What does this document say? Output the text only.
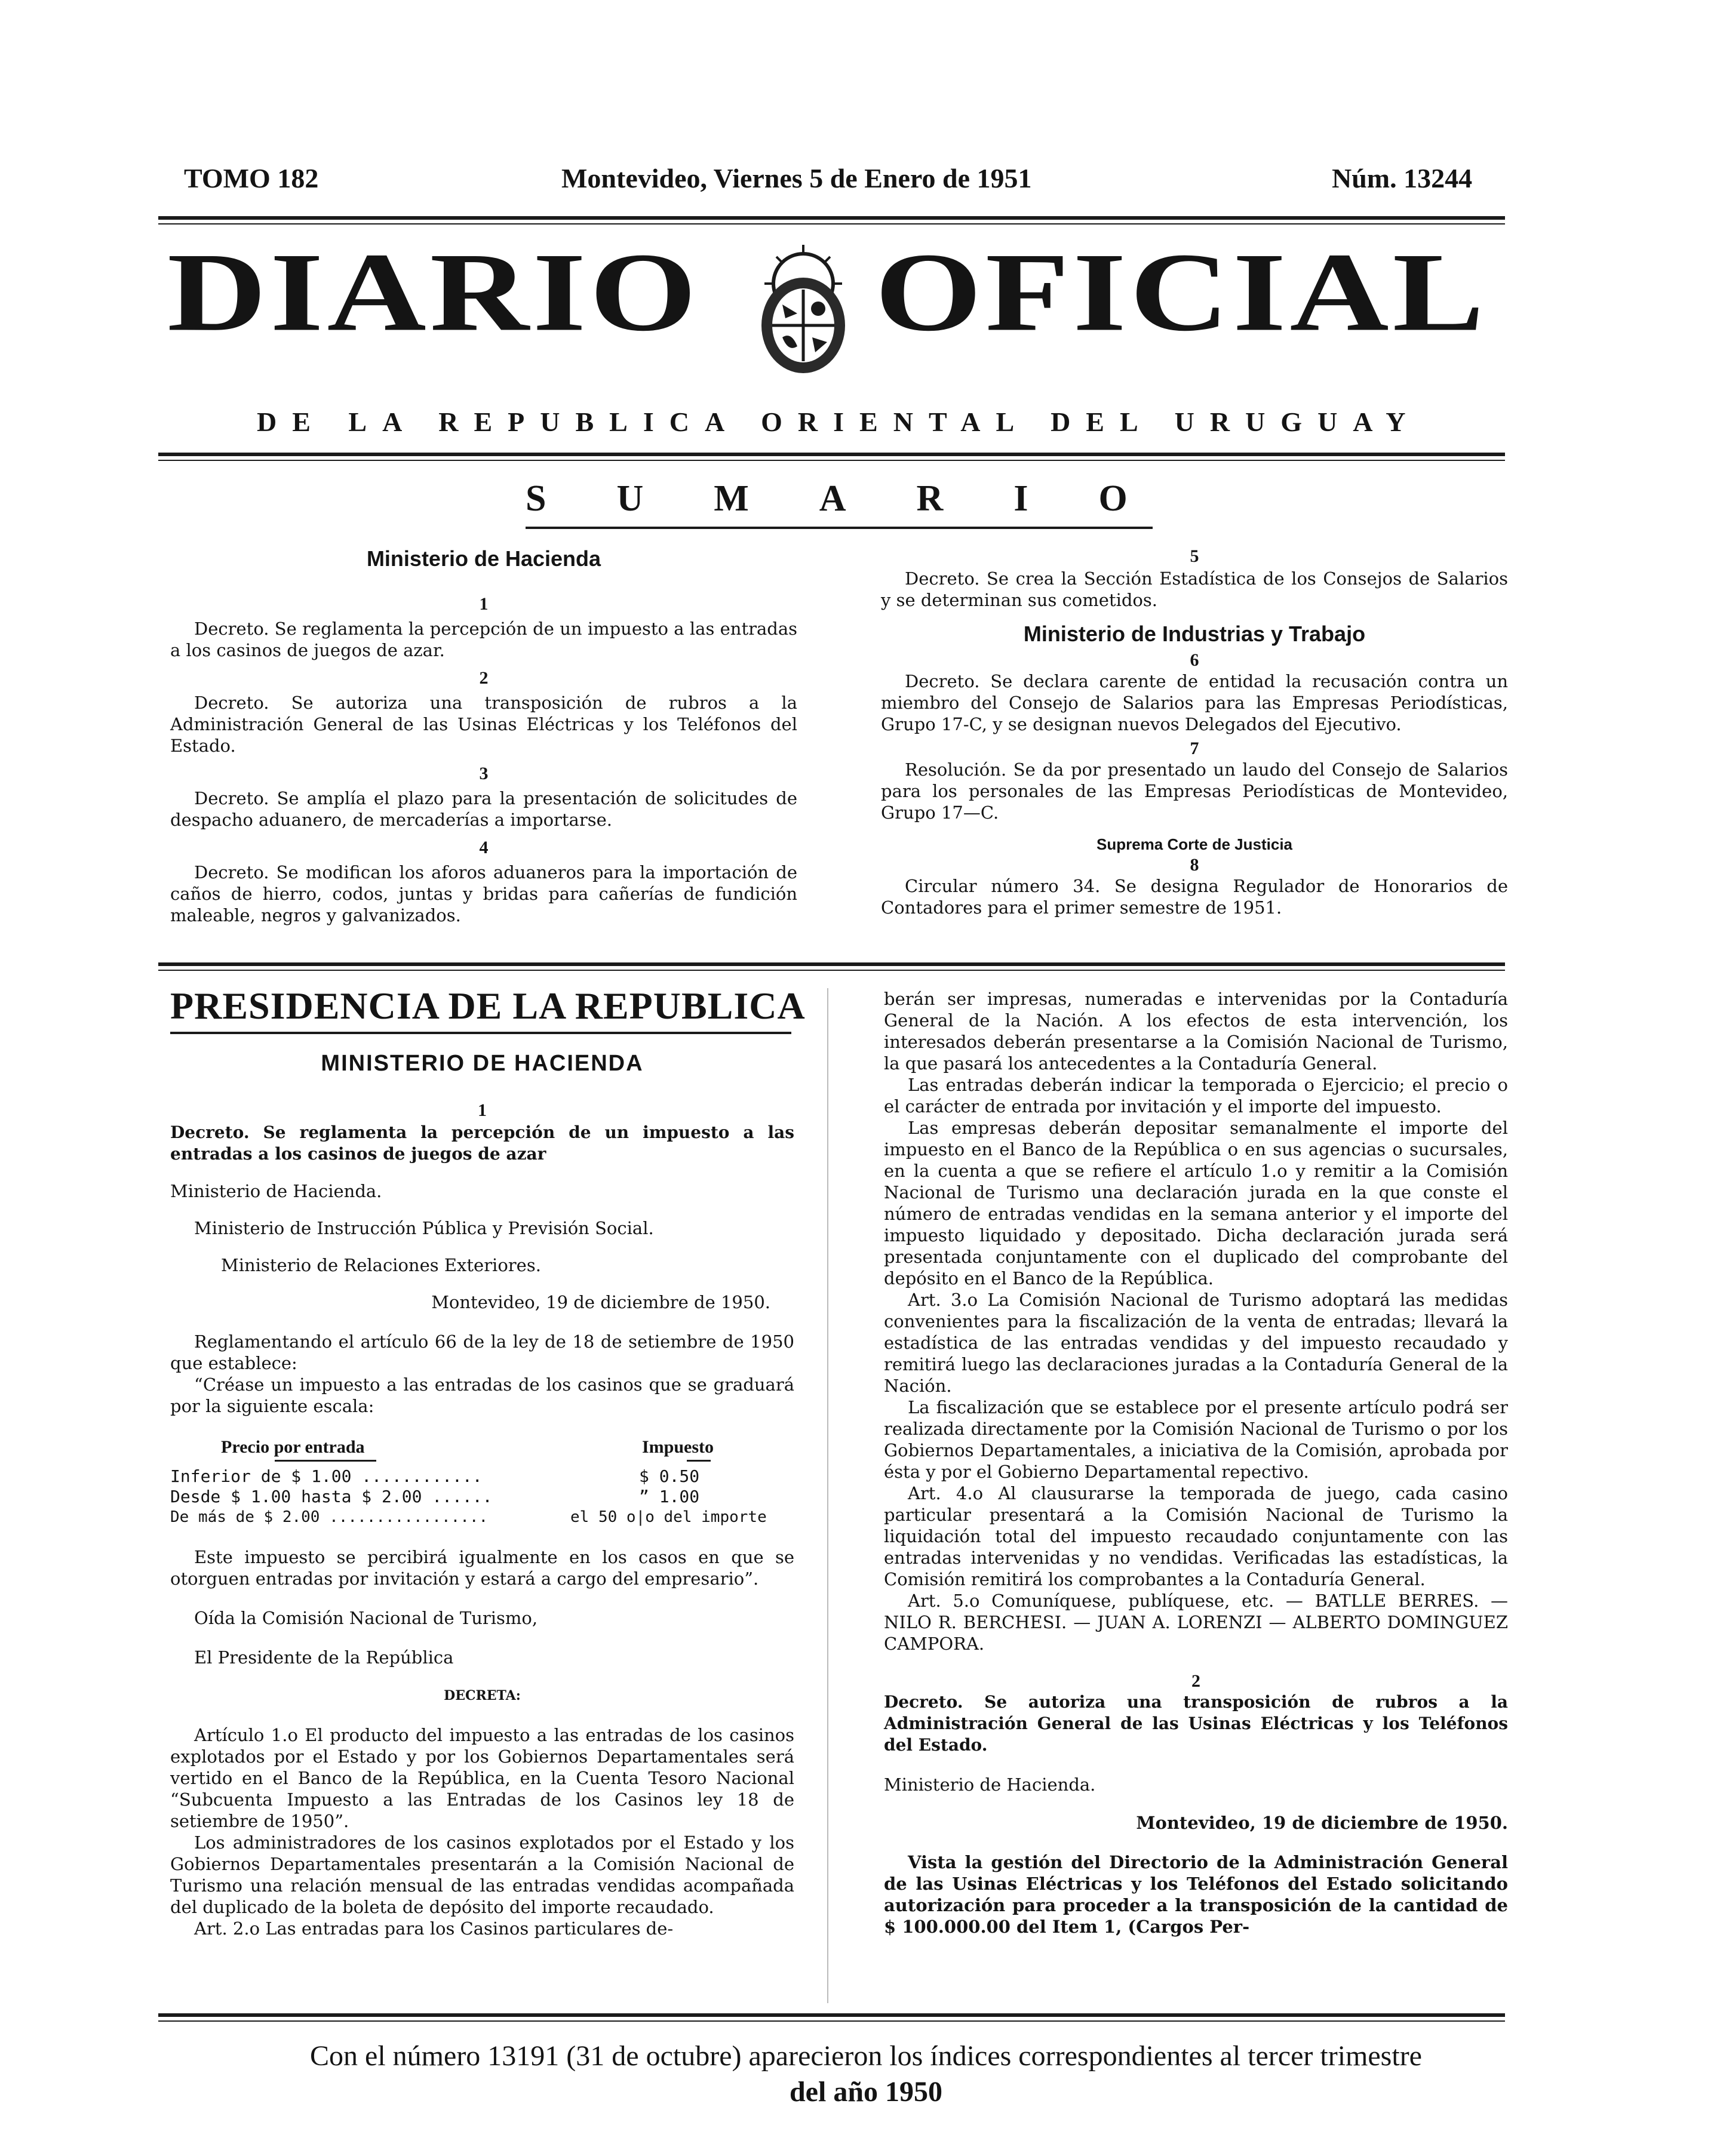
TOMO 182	Montevideo, Viernes 5 de Enero de 1951	Núm. 13244
DIARIO OFICIAL
DE LA REPUBLICA ORIENTAL DEL URUGUAY
SUMARIO
Ministerio de Hacienda
1

Decreto. Se reglamenta la percepción de un impuesto a las entradas a los casinos de juegos de azar.

2

Decreto. Se autoriza una transposición de rubros a la Administración General de las Usinas Eléctricas y los Teléfonos del Estado.

3

Decreto. Se amplía el plazo para la presentación de solicitudes de despacho aduanero, de mercaderías a importarse.

4

Decreto. Se modifican los aforos aduaneros para la importación de caños de hierro, codos, juntas y bridas para cañerías de fundición maleable, negros y galvanizados.

5

Decreto. Se crea la Sección Estadística de los Consejos de Salarios y se determinan sus cometidos.

Ministerio de Industrias y Trabajo
6

Decreto. Se declara carente de entidad la recusación contra un miembro del Consejo de Salarios para las Empresas Periodísticas, Grupo 17-C, y se designan nuevos Delegados del Ejecutivo.

7

Resolución. Se da por presentado un laudo del Consejo de Salarios para los personales de las Empresas Periodísticas de Montevideo, Grupo 17—C.

Suprema Corte de Justicia
8

Circular número 34. Se designa Regulador de Honorarios de Contadores para el primer semestre de 1951.

PRESIDENCIA DE LA REPUBLICA
MINISTERIO DE HACIENDA
1

Decreto. Se reglamenta la percepción de un impuesto a las entradas a los casinos de juegos de azar

Ministerio de Hacienda.
Ministerio de Instrucción Pública y Previsión Social.
Ministerio de Relaciones Exteriores.
Montevideo, 19 de diciembre de 1950.

Reglamentando el artículo 66 de la ley de 18 de setiembre de 1950 que establece:

“Créase un impuesto a las entradas de los casinos que se graduará por la siguiente escala:

Precio por entrada	Impuesto
Inferior de $ 1.00 ............	$ 0.50
Desde $ 1.00 hasta $ 2.00 ......	” 1.00
De más de $ 2.00 .................	el 50 o|o del importe

Este impuesto se percibirá igualmente en los casos en que se otorguen entradas por invitación y estará a cargo del empresario”.

Oída la Comisión Nacional de Turismo,

El Presidente de la República

DECRETA:

Artículo 1.o El producto del impuesto a las entradas de los casinos explotados por el Estado y por los Gobiernos Departamentales será vertido en el Banco de la República, en la Cuenta Tesoro Nacional “Subcuenta Impuesto a las Entradas de los Casinos ley 18 de setiembre de 1950”.

Los administradores de los casinos explotados por el Estado y los Gobiernos Departamentales presentarán a la Comisión Nacional de Turismo una relación mensual de las entradas vendidas acompañada del duplicado de la boleta de depósito del importe recaudado.

Art. 2.o Las entradas para los Casinos particulares de-

berán ser impresas, numeradas e intervenidas por la Contaduría General de la Nación. A los efectos de esta intervención, los interesados deberán presentarse a la Comisión Nacional de Turismo, la que pasará los antecedentes a la Contaduría General.

Las entradas deberán indicar la temporada o Ejercicio; el precio o el carácter de entrada por invitación y el importe del impuesto.

Las empresas deberán depositar semanalmente el importe del impuesto en el Banco de la República o en sus agencias o sucursales, en la cuenta a que se refiere el artículo 1.o y remitir a la Comisión Nacional de Turismo una declaración jurada en la que conste el número de entradas vendidas en la semana anterior y el importe del impuesto liquidado y depositado. Dicha declaración jurada será presentada conjuntamente con el duplicado del comprobante del depósito en el Banco de la República.

Art. 3.o La Comisión Nacional de Turismo adoptará las medidas convenientes para la fiscalización de la venta de entradas; llevará la estadística de las entradas vendidas y del impuesto recaudado y remitirá luego las declaraciones juradas a la Contaduría General de la Nación.

La fiscalización que se establece por el presente artículo podrá ser realizada directamente por la Comisión Nacional de Turismo o por los Gobiernos Departamentales, a iniciativa de la Comisión, aprobada por ésta y por el Gobierno Departamental repectivo.

Art. 4.o Al clausurarse la temporada de juego, cada casino particular presentará a la Comisión Nacional de Turismo la liquidación total del impuesto recaudado conjuntamente con las entradas intervenidas y no vendidas. Verificadas las estadísticas, la Comisión remitirá los comprobantes a la Contaduría General.

Art. 5.o Comuníquese, publíquese, etc. — BATLLE BERRES. — NILO R. BERCHESI. — JUAN A. LORENZI — ALBERTO DOMINGUEZ CAMPORA.

2

Decreto. Se autoriza una transposición de rubros a la Administración General de las Usinas Eléctricas y los Teléfonos del Estado.

Ministerio de Hacienda.
Montevideo, 19 de diciembre de 1950.

Vista la gestión del Directorio de la Administración General de las Usinas Eléctricas y los Teléfonos del Estado solicitando autorización para proceder a la transposición de la cantidad de $ 100.000.00 del Item 1, (Cargos Per-

Con el número 13191 (31 de octubre) aparecieron los índices correspondientes al tercer trimestre
del año 1950
